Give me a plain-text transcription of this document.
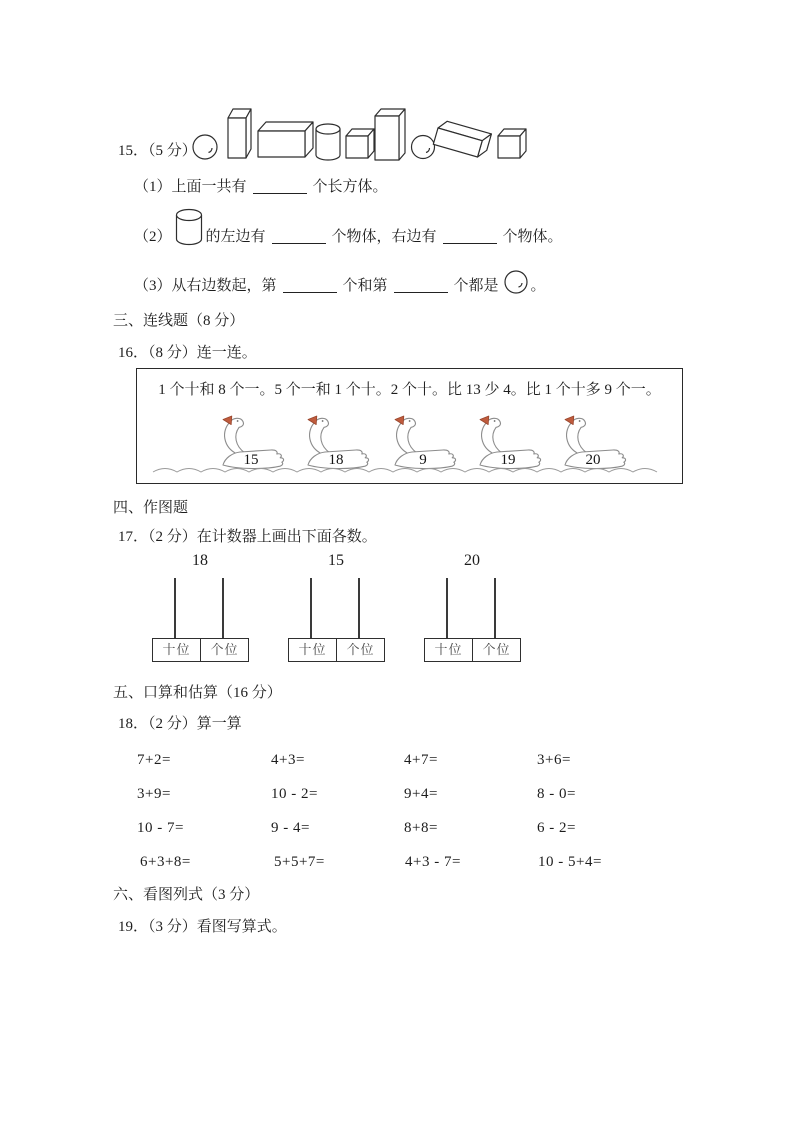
15．（5 分）
（1）上面一共有	个长方体。
（2） 的左边有	个物体，右边有	个物体。
（3）从右边数起，第	个和第	个都是 。
三、连线题（8 分）
16．（8 分）连一连。
1 个十和 8 个一。5 个一和 1 个十。2 个十。比 13 少 4。比 1 个十多 9 个一。
15	18	9	19	20
四、作图题
17．（2 分）在计数器上画出下面各数。
18
十位	个位
15
十位	个位
20
十位	个位
五、口算和估算（16 分）
18．（2 分）算一算
7+2=	4+3=	4+7=	3+6=
3+9=	10 - 2=	9+4=	8 - 0=
10 - 7=	9 - 4=	8+8=	6 - 2=
6+3+8=	5+5+7=	4+3 - 7=	10 - 5+4=
六、看图列式（3 分）
19．（3 分）看图写算式。
